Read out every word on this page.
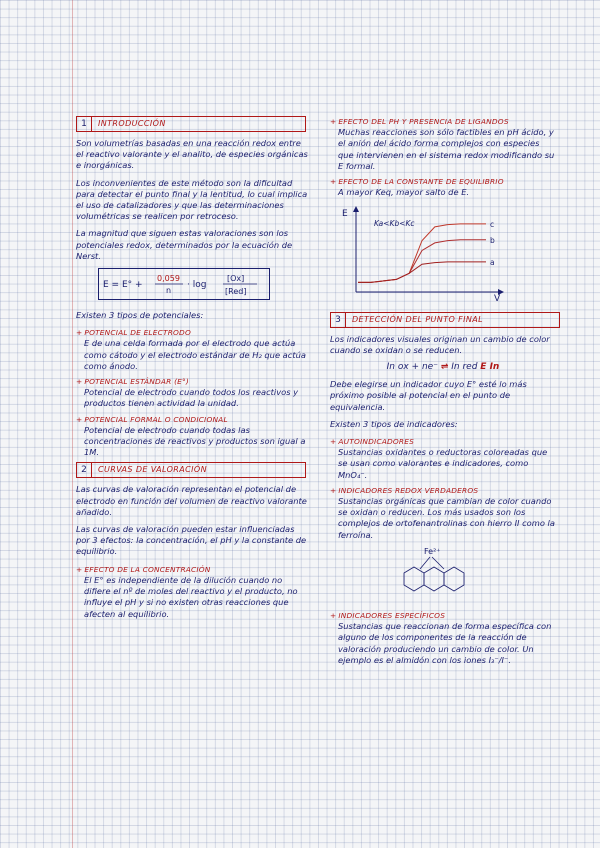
1	INTRODUCCIÓN

Son volumetrías basadas en una reacción redox entre el reactivo valorante y el analito, de especies orgánicas e inorgánicas.

Los inconvenientes de este método son la dificultad para detectar el punto final y la lentitud, lo cual implica el uso de catalizadores y que las determinaciones volumétricas se realicen por retroceso.

La magnitud que siguen estas valoraciones son los potenciales redox, determinados por la ecuación de Nerst.

E = E° +
0,059
n
· log
[Ox]
[Red]

Existen 3 tipos de potenciales:

+ POTENCIAL DE ELECTRODO
E de una celda formada por el electrodo que actúa como cátodo y el electrodo estándar de H₂ que actúa como ánodo.
+ POTENCIAL ESTÁNDAR (E°)
Potencial de electrodo cuando todos los reactivos y productos tienen actividad la unidad.
+ POTENCIAL FORMAL O CONDICIONAL
Potencial de electrodo cuando todas las concentraciones de reactivos y productos son igual a 1M.
2	CURVAS DE VALORACIÓN

Las curvas de valoración representan el potencial de electrodo en función del volumen de reactivo valorante añadido.

Las curvas de valoración pueden estar influenciadas por 3 efectos: la concentración, el pH y la constante de equilibrio.

+ EFECTO DE LA CONCENTRACIÓN
El E° es independiente de la dilución cuando no difiere el nº de moles del reactivo y el producto, no influye el pH y si no existen otras reacciones que afecten al equilibrio.
+ EFECTO DEL PH Y PRESENCIA DE LIGANDOS
Muchas reacciones son sólo factibles en pH ácido, y el anión del ácido forma complejos con especies que intervienen en el sistema redox modificando su E formal.
+ EFECTO DE LA CONSTANTE DE EQUILIBRIO
A mayor Keq, mayor salto de E.
E
V
Ka<Kb<Kc	c
b
a
3	DETECCIÓN DEL PUNTO FINAL

Los indicadores visuales originan un cambio de color cuando se oxidan o se reducen.

In ox + ne⁻ ⇌ In red E In

Debe elegirse un indicador cuyo E° esté lo más próximo posible al potencial en el punto de equivalencia.

Existen 3 tipos de indicadores:

+ AUTOINDICADORES
Sustancias oxidantes o reductoras coloreadas que se usan como valorantes e indicadores, como MnO₄⁻.
+ INDICADORES REDOX VERDADEROS
Sustancias orgánicas que cambian de color cuando se oxidan o reducen. Los más usados son los complejos de ortofenantrolinas con hierro II como la ferroína.
Fe²⁺
+ INDICADORES ESPECÍFICOS
Sustancias que reaccionan de forma específica con alguno de los componentes de la reacción de valoración produciendo un cambio de color. Un ejemplo es el almidón con los iones I₃⁻/I⁻.
